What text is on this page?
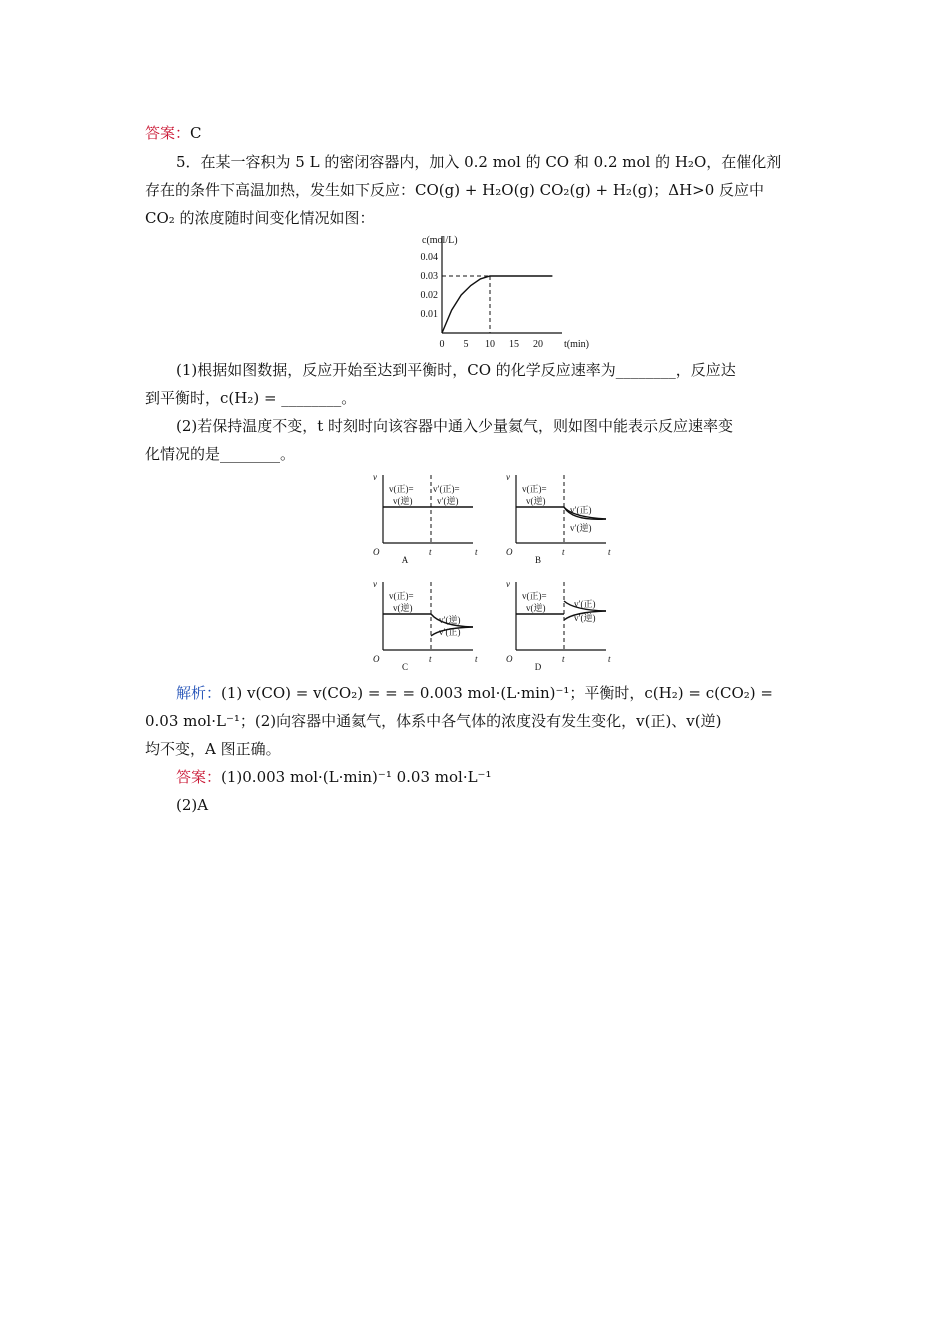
答案：C
5．在某一容积为 5 L 的密闭容器内，加入 0.2 mol 的 CO 和 0.2 mol 的 H₂O，在催化剂
存在的条件下高温加热，发生如下反应：CO(g) + H₂O(g) CO₂(g) + H₂(g)；ΔH>0 反应中
CO₂ 的浓度随时间变化情况如图：
c(mol/L)
t(min)
0.01
0.02
0.03
0.04
0 5 10 15 20
(1)根据如图数据，反应开始至达到平衡时，CO 的化学反应速率为________，反应达
到平衡时，c(H₂) = ________。
(2)若保持温度不变，t 时刻时向该容器中通入少量氦气，则如图中能表示反应速率变
化情况的是________。
v
t
O	t
A
v(正)=
v(逆)
v′(正)=
v′(逆)
v
t
O	t
B
v(正)=
v(逆)
v′(正)
v′(逆)
v
t
O	t
C
v(正)=
v(逆)
v′(逆)
v′(正)
v
t
O	t
D
v(正)=
v(逆)	v′(正)
v′(逆)
解析：(1) v(CO) = v(CO₂) = = = 0.003 mol·(L·min)⁻¹；平衡时，c(H₂) = c(CO₂) =
0.03 mol·L⁻¹；(2)向容器中通氦气，体系中各气体的浓度没有发生变化，v(正)、v(逆)
均不变，A 图正确。
答案：(1)0.003 mol·(L·min)⁻¹ 0.03 mol·L⁻¹
(2)A
